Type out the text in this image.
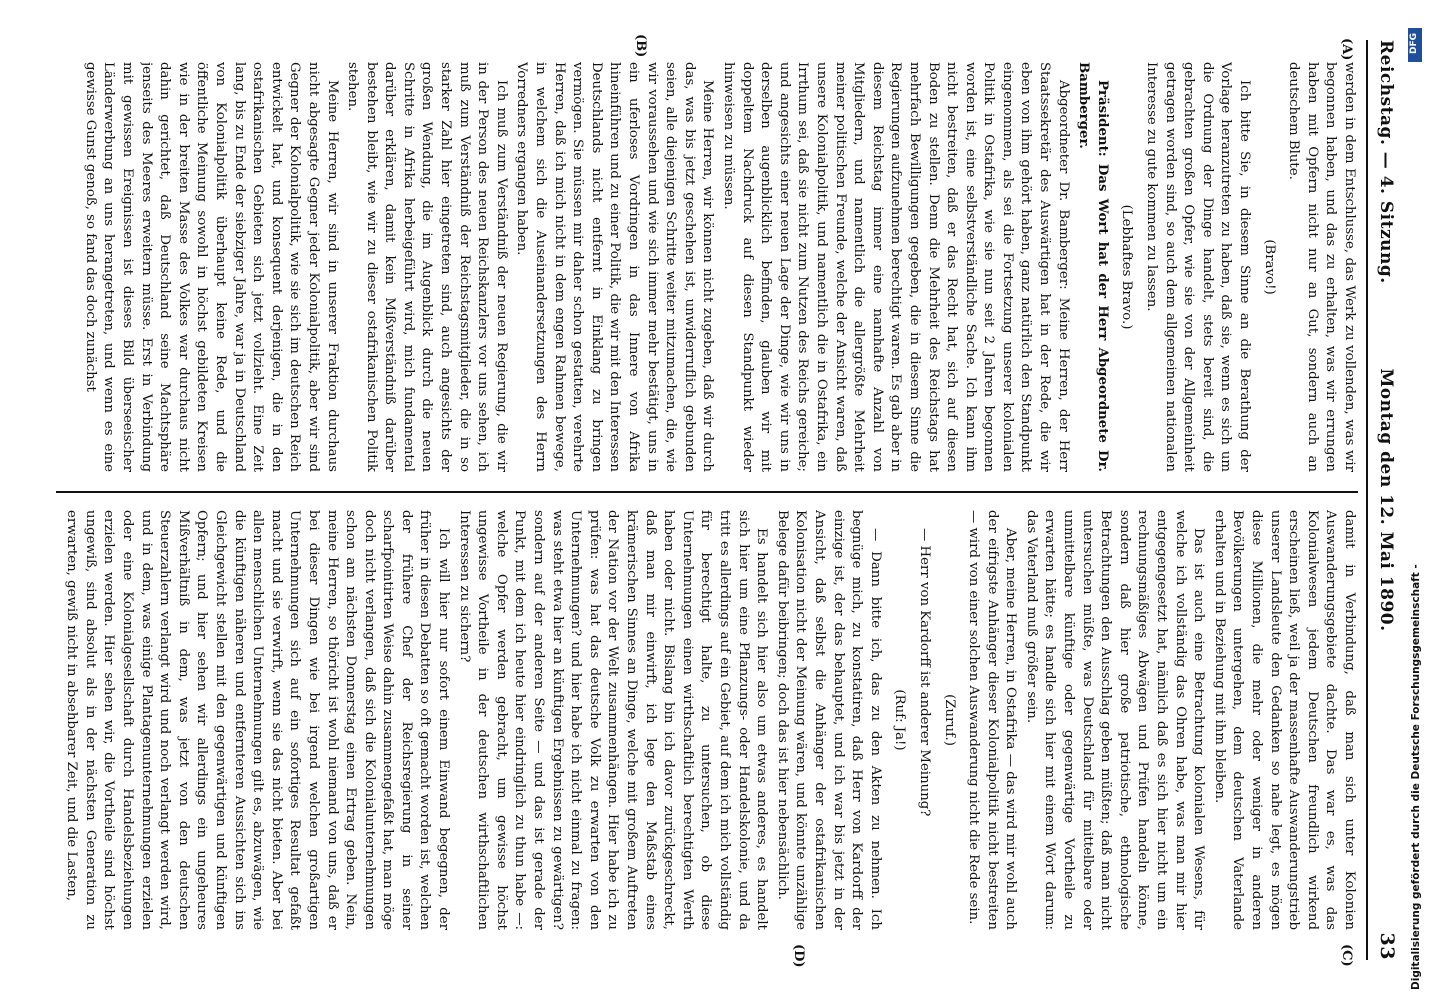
Reichstag. — 4. Sitzung.
Montag den 12. Mai 1890.
33
(A)
(B)
(C)
(D)

werden in dem Entschlusse, das Werk zu vollenden, was wir begonnen haben, und das zu erhalten, was wir errungen haben mit Opfern nicht nur an Gut, sondern auch an deutschem Blute.

(Bravo!)

Ich bitte Sie, in diesem Sinne an die Berathung der Vorlage heranzutreten zu haben, daß sie, wenn es sich um die Ordnung der Dinge handelt, stets bereit sind, die gebrachten großen Opfer, wie sie von der Allgemeinheit getragen worden sind, so auch dem allgemeinen nationalen Interesse zu gute kommen zu lassen.

(Lebhaftes Bravo.)

Präsident: Das Wort hat der Herr Abgeordnete Dr. Bamberger.

Abgeordneter Dr. Bamberger: Meine Herren, der Herr Staatssekretär des Auswärtigen hat in der Rede, die wir eben von ihm gehört haben, ganz natürlich den Standpunkt eingenommen, als sei die Fortsetzung unserer kolonialen Politik in Ostafrika, wie sie nun seit 2 Jahren begonnen worden ist, eine selbstverständliche Sache. Ich kann ihm nicht bestreiten, daß er das Recht hat, sich auf diesen Boden zu stellen. Denn die Mehrheit des Reichstags hat mehrfach Bewilligungen gegeben, die in diesem Sinne die Regierungen aufzunehmen berechtigt waren. Es gab aber in diesem Reichstag immer eine namhafte Anzahl von Mitgliedern, und namentlich die allergrößte Mehrheit meiner politischen Freunde, welche der Ansicht waren, daß unsere Kolonialpolitik, und namentlich die in Ostafrika, ein Irrthum sei, daß sie nicht zum Nutzen des Reichs gereiche; und angesichts einer neuen Lage der Dinge, wie wir uns in derselben augenblicklich befinden, glauben wir mit doppeltem Nachdruck auf diesen Standpunkt wieder hinweisen zu müssen.

Meine Herren, wir können nicht zugeben, daß wir durch das, was bis jetzt geschehen ist, unwiderruflich gebunden seien, alle diejenigen Schritte weiter mitzumachen, die, wie wir voraussehen und wie sich immer mehr bestätigt, uns in ein uferloses Vordringen in das Innere von Afrika hineinführen und zu einer Politik, die wir mit den Interessen Deutschlands nicht entfernt in Einklang zu bringen vermögen. Sie müssen mir daher schon gestatten, verehrte Herren, daß ich mich nicht in dem engen Rahmen bewege, in welchem sich die Auseinandersetzungen des Herrn Vorredners ergangen haben.

Ich muß zum Verständniß der neuen Regierung, die wir in der Person des neuen Reichskanzlers vor uns sehen, ich muß zum Verständniß der Reichstagsmitglieder, die in so starker Zahl hier eingetreten sind, auch angesichts der großen Wendung, die im Augenblick durch die neuen Schritte in Afrika herbeigeführt wird, mich fundamental darüber erklären, damit kein Mißverständniß darüber bestehen bleibt, wie wir zu dieser ostafrikanischen Politik stehen.

Meine Herren, wir sind in unserer Fraktion durchaus nicht abgesagte Gegner jeder Kolonialpolitik, aber wir sind Gegner der Kolonialpolitik, wie sie sich im deutschen Reich entwickelt hat, und konsequent derjenigen, die in den ostafrikanischen Gebieten sich jetzt vollzieht. Eine Zeit lang, bis zu Ende der siebziger Jahre, war ja in Deutschland von Kolonialpolitik überhaupt keine Rede, und die öffentliche Meinung sowohl in höchst gebildeten Kreisen wie in der breiten Masse des Volkes war durchaus nicht dahin gerichtet, daß Deutschland seine Machtsphäre jenseits des Meeres erweitern müsse. Erst in Verbindung mit gewissen Ereignissen ist dieses Bild überseeischer Länderwerbung an uns herangetreten, und wenn es eine gewisse Gunst genoß, so fand das doch zunächst

damit in Verbindung, daß man sich unter Kolonien Auswanderungsgebiete dachte. Das war es, was das Kolonialwesen jedem Deutschen freundlich wirkend erscheinen ließ, weil ja der massenhafte Auswanderungstrieb unserer Landsleute den Gedanken so nahe legt, es mögen diese Millionen, die mehr oder weniger in anderen Bevölkerungen untergehen, dem deutschen Vaterlande erhalten und in Beziehung mit ihm bleiben.

Das ist auch eine Betrachtung kolonialen Wesens, für welche ich vollständig das Ohren habe, was man mir hier entgegengesetzt hat, nämlich daß es sich hier nicht um ein rechnungsmäßiges Abwägen und Prüfen handeln könne, sondern daß hier große patriotische, ethnologische Betrachtungen den Ausschlag geben müßten; daß man nicht untersuchen müßte, was Deutschland für mittelbare oder unmittelbare künftige oder gegenwärtige Vortheile zu erwarten hätte; es handle sich hier mit einem Wort darum: das Vaterland muß größer sein.

Aber, meine Herren, in Ostafrika — das wird mir wohl auch der eifrigste Anhänger dieser Kolonialpolitik nicht bestreiten — wird von einer solchen Auswanderung nicht die Rede sein.

(Zuruf.)

— Herr von Kardorff ist anderer Meinung?

(Ruf: Ja!)

— Dann bitte ich, das zu den Akten zu nehmen. Ich begnüge mich, zu konstatiren, daß Herr von Kardorff der einzige ist, der das behauptet, und ich war bis jetzt in der Ansicht, daß selbst die Anhänger der ostafrikanischen Kolonisation nicht der Meinung wären, und könnte unzählige Belege dafür beibringen; doch das ist hier nebensächlich.

Es handelt sich hier also um etwas anderes, es handelt sich hier um eine Pflanzungs- oder Handelskolonie, und da tritt es allerdings auf ein Gebiet, auf dem ich mich vollständig für berechtigt halte, zu untersuchen, ob diese Unternehmungen einen wirthschaftlich berechtigten Werth haben oder nicht. Bislang bin ich davor zurückgeschreckt, daß man mir einwirft, ich lege den Maßstab eines krämerischen Sinnes an Dinge, welche mit großem Auftreten der Nation vor der Welt zusammenhängen. Hier habe ich zu prüfen: was hat das deutsche Volk zu erwarten von den Unternehmungen? und hier habe ich nicht einmal zu fragen: was steht etwa hier an künftigen Ergebnissen zu gewärtigen? sondern auf der anderen Seite — und das ist gerade der Punkt, mit dem ich heute hier eindringlich zu thun habe —: welche Opfer werden gebracht, um gewisse höchst ungewisse Vortheile in der deutschen wirthschaftlichen Interessen zu sichern?

Ich will hier nur sofort einem Einwand begegnen, der früher in diesen Debatten so oft gemacht worden ist, welchen der frühere Chef der Reichsregierung in seiner scharfpointirten Weise dahin zusammengefaßt hat, man möge doch nicht verlangen, daß sich die Kolonialunternehmungen schon am nächsten Donnerstag einen Ertrag geben. Nein, meine Herren, so thöricht ist wohl niemand von uns, daß er bei dieser Dingen wie bei irgend welchen großartigen Unternehmungen sich auf ein sofortiges Resultat gefaßt macht und sie verwirft, wenn sie das nicht bieten. Aber bei allen menschlichen Unternehmungen gilt es, abzuwägen, wie die künftigen näheren und entfernteren Aussichten sich ins Gleichgewicht stellen mit den gegenwärtigen und künftigen Opfern; und hier sehen wir allerdings ein ungeheures Mißverhältniß in dem, was jetzt von den deutschen Steuerzahlern verlangt wird und noch verlangt werden wird, und in dem, was einige Plantagenunternehmungen erzielen oder eine Kolonialgesellschaft durch Handelsbeziehungen erzielen werden. Hier sehen wir, die Vortheile sind höchst ungewiß, sind absolut als in der nächsten Generation zu erwarten, gewiß nicht in absehbarer Zeit, und die Lasten,

DFG
Digitalisierung gefördert durch die Deutsche Forschungsgemeinschaft -
